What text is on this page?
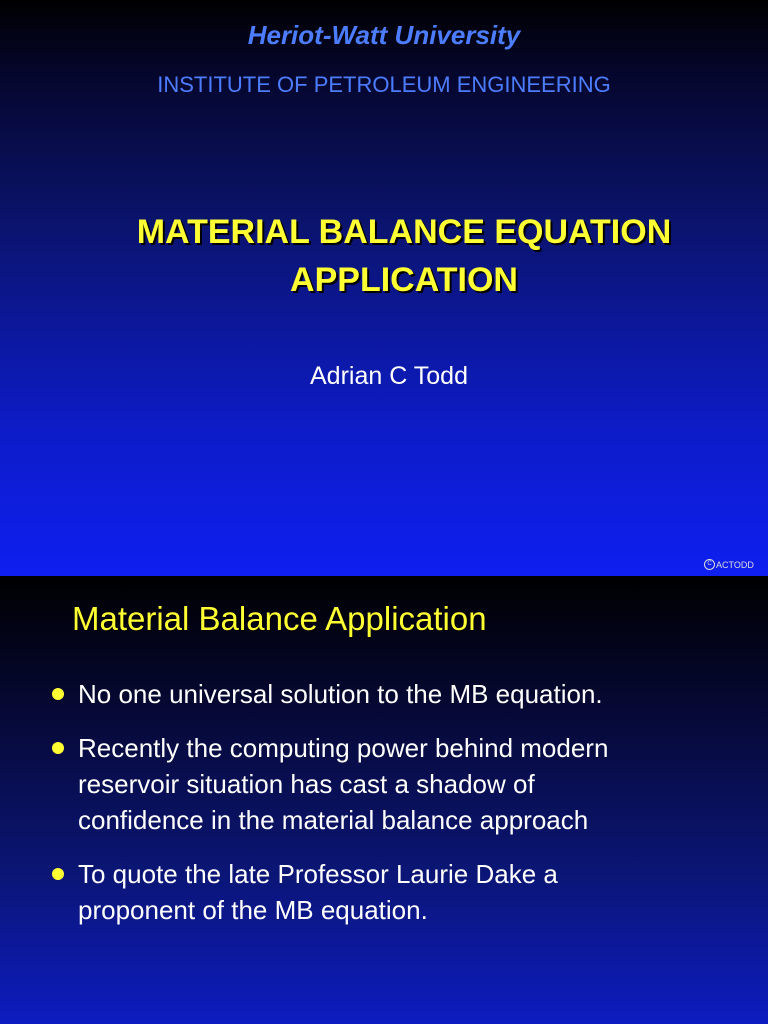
Heriot-Watt University
INSTITUTE OF PETROLEUM ENGINEERING
MATERIAL BALANCE EQUATION
APPLICATION
Adrian C Todd
C ACTODD
Material Balance Application
No one universal solution to the MB equation.
Recently the computing power behind modern
reservoir situation has cast a shadow of
confidence in the material balance approach
To quote the late Professor Laurie Dake a
proponent of the MB equation.
